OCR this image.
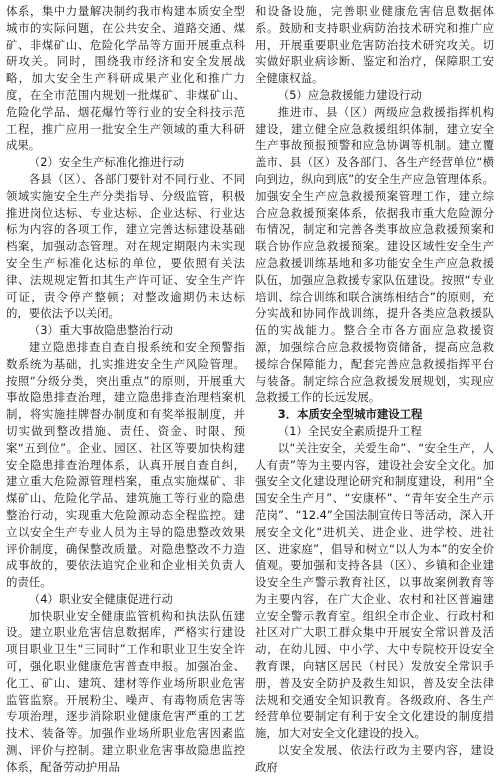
体系，集中力量解决制约我市构建本质安全型城市的实际问题，在公共安全、道路交通、煤矿、非煤矿山、危险化学品等方面开展重点科研攻关。同时，围绕我市经济和安全发展战略，加大安全生产科研成果产业化和推广力度，在全市范围内规划一批煤矿、非煤矿山、危险化学品、烟花爆竹等行业的安全科技示范工程，推广应用一批安全生产领域的重大科研成果。

（2）安全生产标准化推进行动

各县（区）、各部门要针对不同行业、不同领域实施安全生产分类指导、分级监管，积极推进岗位达标、专业达标、企业达标、行业达标为内容的各项工作，建立完善达标建设基础档案，加强动态管理。对在规定期限内未实现安全生产标准化达标的单位，要依照有关法律、法规规定暂扣其生产许可证、安全生产许可证，责令停产整顿；对整改逾期仍未达标的，要依法予以关闭。

（3）重大事故隐患整治行动

建立隐患排查自查自报系统和安全预警指数系统为基础，扎实推进安全生产风险管理。按照“分级分类，突出重点”的原则，开展重大事故隐患排查治理，建立隐患排查治理档案机制，将实施挂牌督办制度和有奖举报制度，并切实做到整改措施、责任、资金、时限、预案“五到位”。企业、园区、社区等要加快构建安全隐患排查治理体系，认真开展自查自纠，建立重大危险源管理档案，重点实施煤矿、非煤矿山、危险化学品、建筑施工等行业的隐患整治行动，实现重大危险源动态全程监控。建立以安全生产专业人员为主导的隐患整改效果评价制度，确保整改质量。对隐患整改不力造成事故的，要依法追究企业和企业相关负责人的责任。

（4）职业安全健康促进行动

加快职业安全健康监管机构和执法队伍建设。建立职业危害信息数据库，严格实行建设项目职业卫生“三同时”工作和职业卫生安全许可，强化职业健康危害普查申报。加强冶金、化工、矿山、建筑、建材等作业场所职业危害监管监察。开展粉尘、噪声、有毒物质危害等专项治理，逐步消除职业健康危害严重的工艺技术、装备等。加强作业场所职业危害因素监测、评价与控制。建立职业危害事故隐患监控体系，配备劳动护用品

和设备设施，完善职业健康危害信息数据体系。鼓励和支持职业病防治技术研究和推广应用，开展重要职业危害防治技术研究攻关。切实做好职业病诊断、鉴定和治疗，保障职工安全健康权益。

（5）应急救援能力建设行动

推进市、县（区）两级应急救援指挥机构建设，建立健全应急救援组织体制，建立安全生产事故预报预警和应急协调等机制。建立覆盖市、县（区）及各部门、各生产经营单位“横向到边，纵向到底”的安全生产应急管理体系。加强安全生产应急救援预案管理工作，建立综合应急救援预案体系，依据我市重大危险源分布情况，制定和完善各类事故应急救援预案和联合协作应急救援预案。建设区域性安全生产应急救援训练基地和多功能安全生产应急救援队伍，加强应急救援专家队伍建设。按照“专业培训、综合训练和联合演练相结合”的原则，充分实战和协同作战训练，提升各类应急救援队伍的实战能力。整合全市各方面应急救援资源，加强综合应急救援物资储备，提高应急救援综合保障能力，配套完善应急救援指挥平台与装备。制定综合应急救援发展规划，实现应急救援工作的长远发展。

3．本质安全型城市建设工程
（1）全民安全素质提升工程

以“关注安全，关爱生命”、“安全生产，人人有责”等为主要内容，建设社会安全文化。加强安全文化建设理论研究和制度建设，利用“全国安全生产月”、“安康杯”、“青年安全生产示范岗”、“12.4”全国法制宣传日等活动，深入开展安全文化“进机关、进企业、进学校、进社区、进家庭”，倡导和树立“以人为本”的安全价值观。要加强和支持各县（区）、乡镇和企业建设安全生产警示教育社区，以事故案例教育等为主要内容，在广大企业、农村和社区普遍建立安全警示教育室。组织全市企业、行政村和社区对广大职工群众集中开展安全常识普及活动，在幼儿园、中小学、大中专院校开设安全教育课，向辖区居民（村民）发放安全常识手册，普及安全防护及救生知识，普及安全法律法规和交通安全知识教育。各级政府、各生产经营单位要制定有利于安全文化建设的制度措施，加大对安全文化建设的投入。

以安全发展、依法行政为主要内容，建设政府
